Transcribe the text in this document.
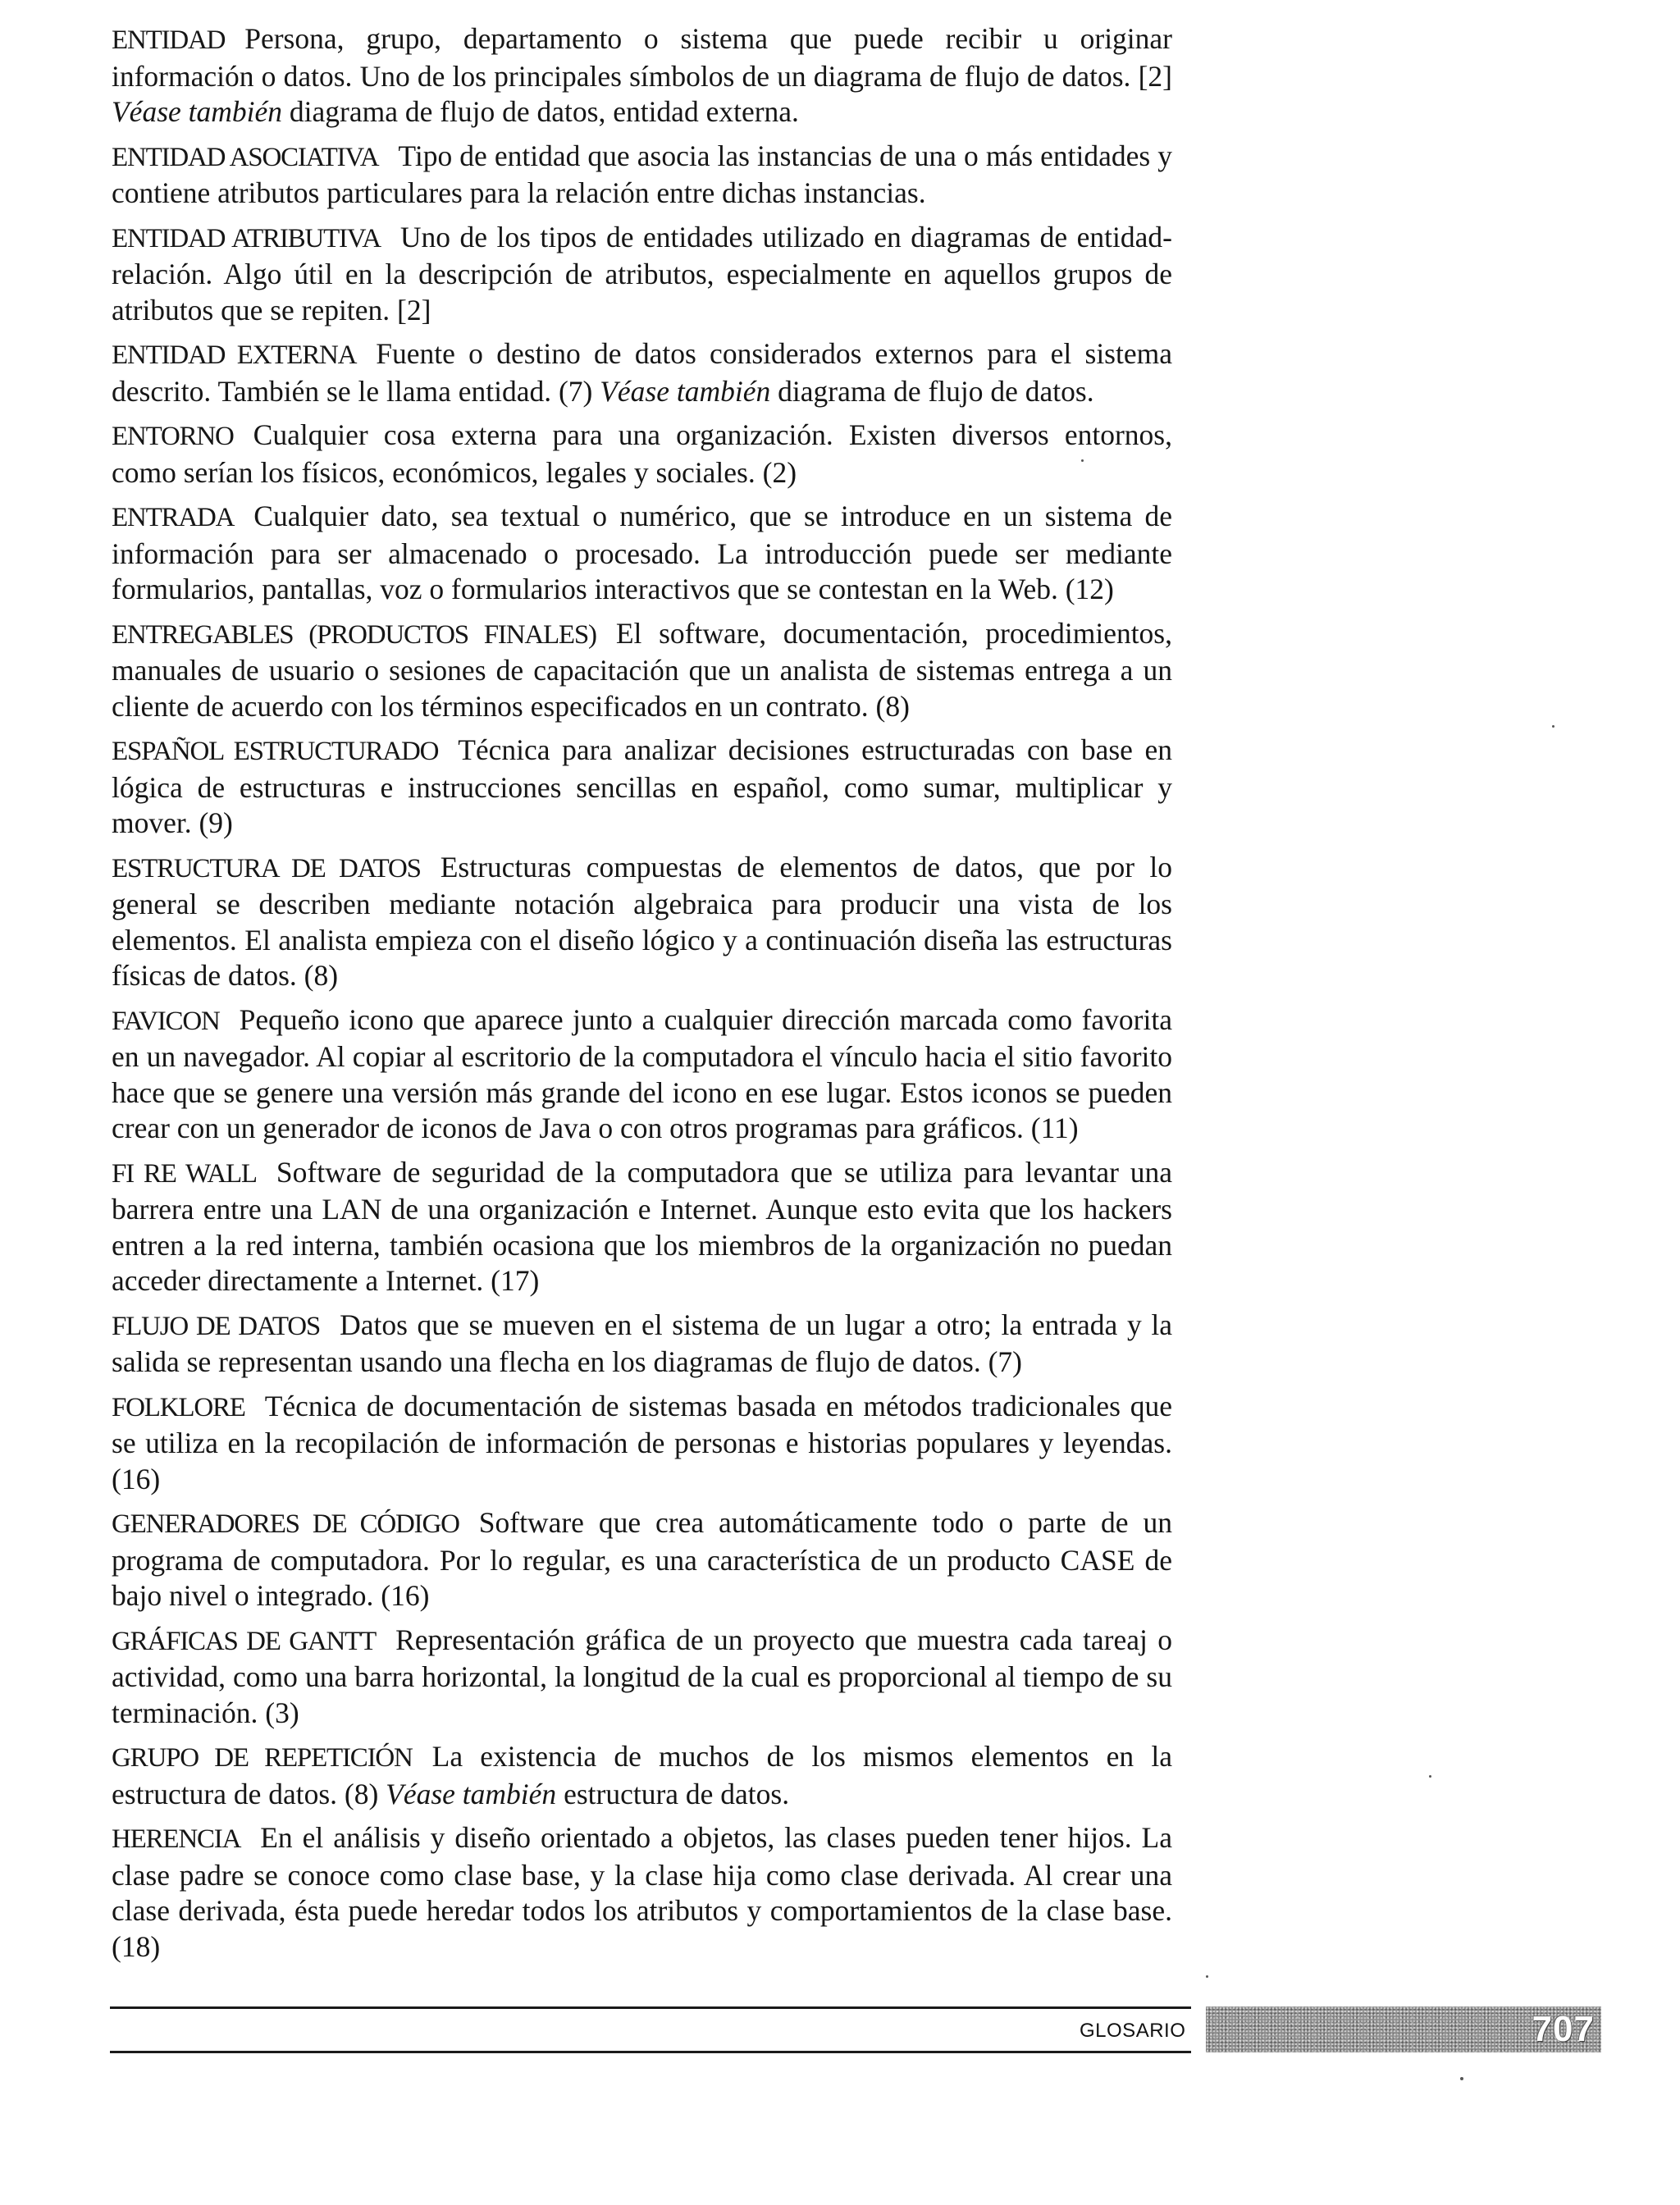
ENTIDAD Persona, grupo, departamento o sistema que puede recibir u originar información o datos. Uno de los principales símbolos de un diagrama de flujo de datos. [2] Véase también diagrama de flujo de datos, entidad externa.

ENTIDAD ASOCIATIVA Tipo de entidad que asocia las instancias de una o más entidades y contiene atributos particulares para la relación entre dichas instancias.

ENTIDAD ATRIBUTIVA Uno de los tipos de entidades utilizado en diagramas de entidad-relación. Algo útil en la descripción de atributos, especialmente en aquellos grupos de atributos que se repiten. [2]

ENTIDAD EXTERNA Fuente o destino de datos considerados externos para el sistema descrito. También se le llama entidad. (7) Véase también diagrama de flujo de datos.

ENTORNO Cualquier cosa externa para una organización. Existen diversos entornos, como serían los físicos, económicos, legales y sociales. (2)

ENTRADA Cualquier dato, sea textual o numérico, que se introduce en un sistema de información para ser almacenado o procesado. La introducción puede ser mediante formularios, pantallas, voz o formularios interactivos que se contestan en la Web. (12)

ENTREGABLES (PRODUCTOS FINALES) El software, documentación, procedimientos, manuales de usuario o sesiones de capacitación que un analista de sistemas entrega a un cliente de acuerdo con los términos especificados en un contrato. (8)

ESPAÑOL ESTRUCTURADO Técnica para analizar decisiones estructuradas con base en lógica de estructuras e instrucciones sencillas en español, como sumar, multiplicar y mover. (9)

ESTRUCTURA DE DATOS Estructuras compuestas de elementos de datos, que por lo general se describen mediante notación algebraica para producir una vista de los elementos. El analista empieza con el diseño lógico y a continuación diseña las estructuras físicas de datos. (8)

FAVICON Pequeño icono que aparece junto a cualquier dirección marcada como favorita en un navegador. Al copiar al escritorio de la computadora el vínculo hacia el sitio favorito hace que se genere una versión más grande del icono en ese lugar. Estos iconos se pueden crear con un generador de iconos de Java o con otros programas para gráficos. (11)

FI RE WALL Software de seguridad de la computadora que se utiliza para levantar una barrera entre una LAN de una organización e Internet. Aunque esto evita que los hackers entren a la red interna, también ocasiona que los miembros de la organización no puedan acceder directamente a Internet. (17)

FLUJO DE DATOS Datos que se mueven en el sistema de un lugar a otro; la entrada y la salida se representan usando una flecha en los diagramas de flujo de datos. (7)

FOLKLORE Técnica de documentación de sistemas basada en métodos tradicionales que se utiliza en la recopilación de información de personas e historias populares y leyendas. (16)

GENERADORES DE CÓDIGO Software que crea automáticamente todo o parte de un programa de computadora. Por lo regular, es una característica de un producto CASE de bajo nivel o integrado. (16)

GRÁFICAS DE GANTT Representación gráfica de un proyecto que muestra cada tareaj o actividad, como una barra horizontal, la longitud de la cual es proporcional al tiempo de su terminación. (3)

GRUPO DE REPETICIÓN La existencia de muchos de los mismos elementos en la estructura de datos. (8) Véase también estructura de datos.

HERENCIA En el análisis y diseño orientado a objetos, las clases pueden tener hijos. La clase padre se conoce como clase base, y la clase hija como clase derivada. Al crear una clase derivada, ésta puede heredar todos los atributos y comportamientos de la clase base. (18)

GLOSARIO	707
